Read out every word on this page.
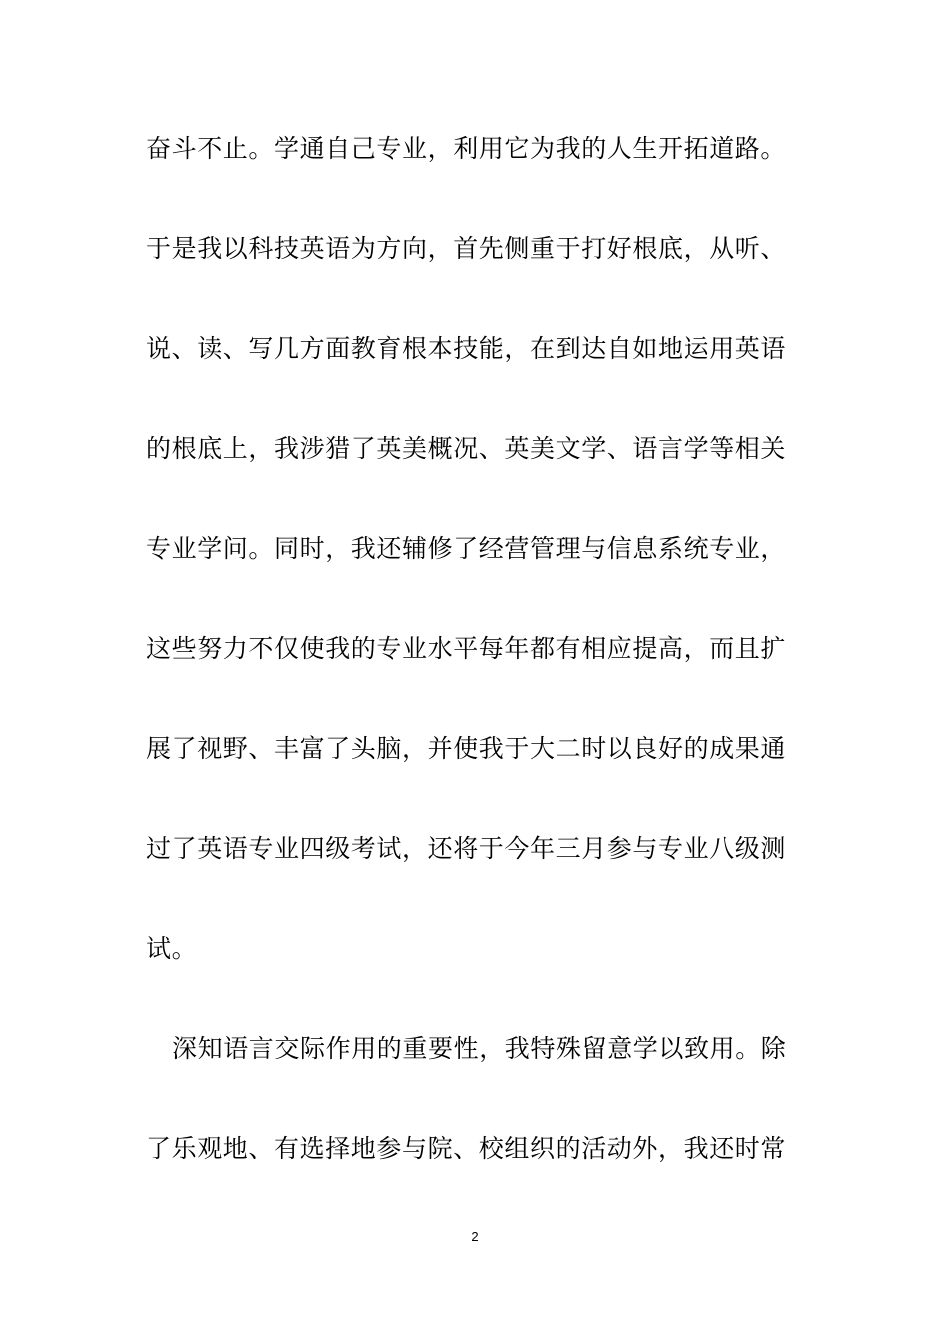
奋斗不止。学通自己专业，利用它为我的人生开拓道路。
于是我以科技英语为方向，首先侧重于打好根底，从听、
说、读、写几方面教育根本技能，在到达自如地运用英语
的根底上，我涉猎了英美概况、英美文学、语言学等相关
专业学问。同时，我还辅修了经营管理与信息系统专业，
这些努力不仅使我的专业水平每年都有相应提高，而且扩
展了视野、丰富了头脑，并使我于大二时以良好的成果通
过了英语专业四级考试，还将于今年三月参与专业八级测
试。
深知语言交际作用的重要性，我特殊留意学以致用。除
了乐观地、有选择地参与院、校组织的活动外，我还时常
2
